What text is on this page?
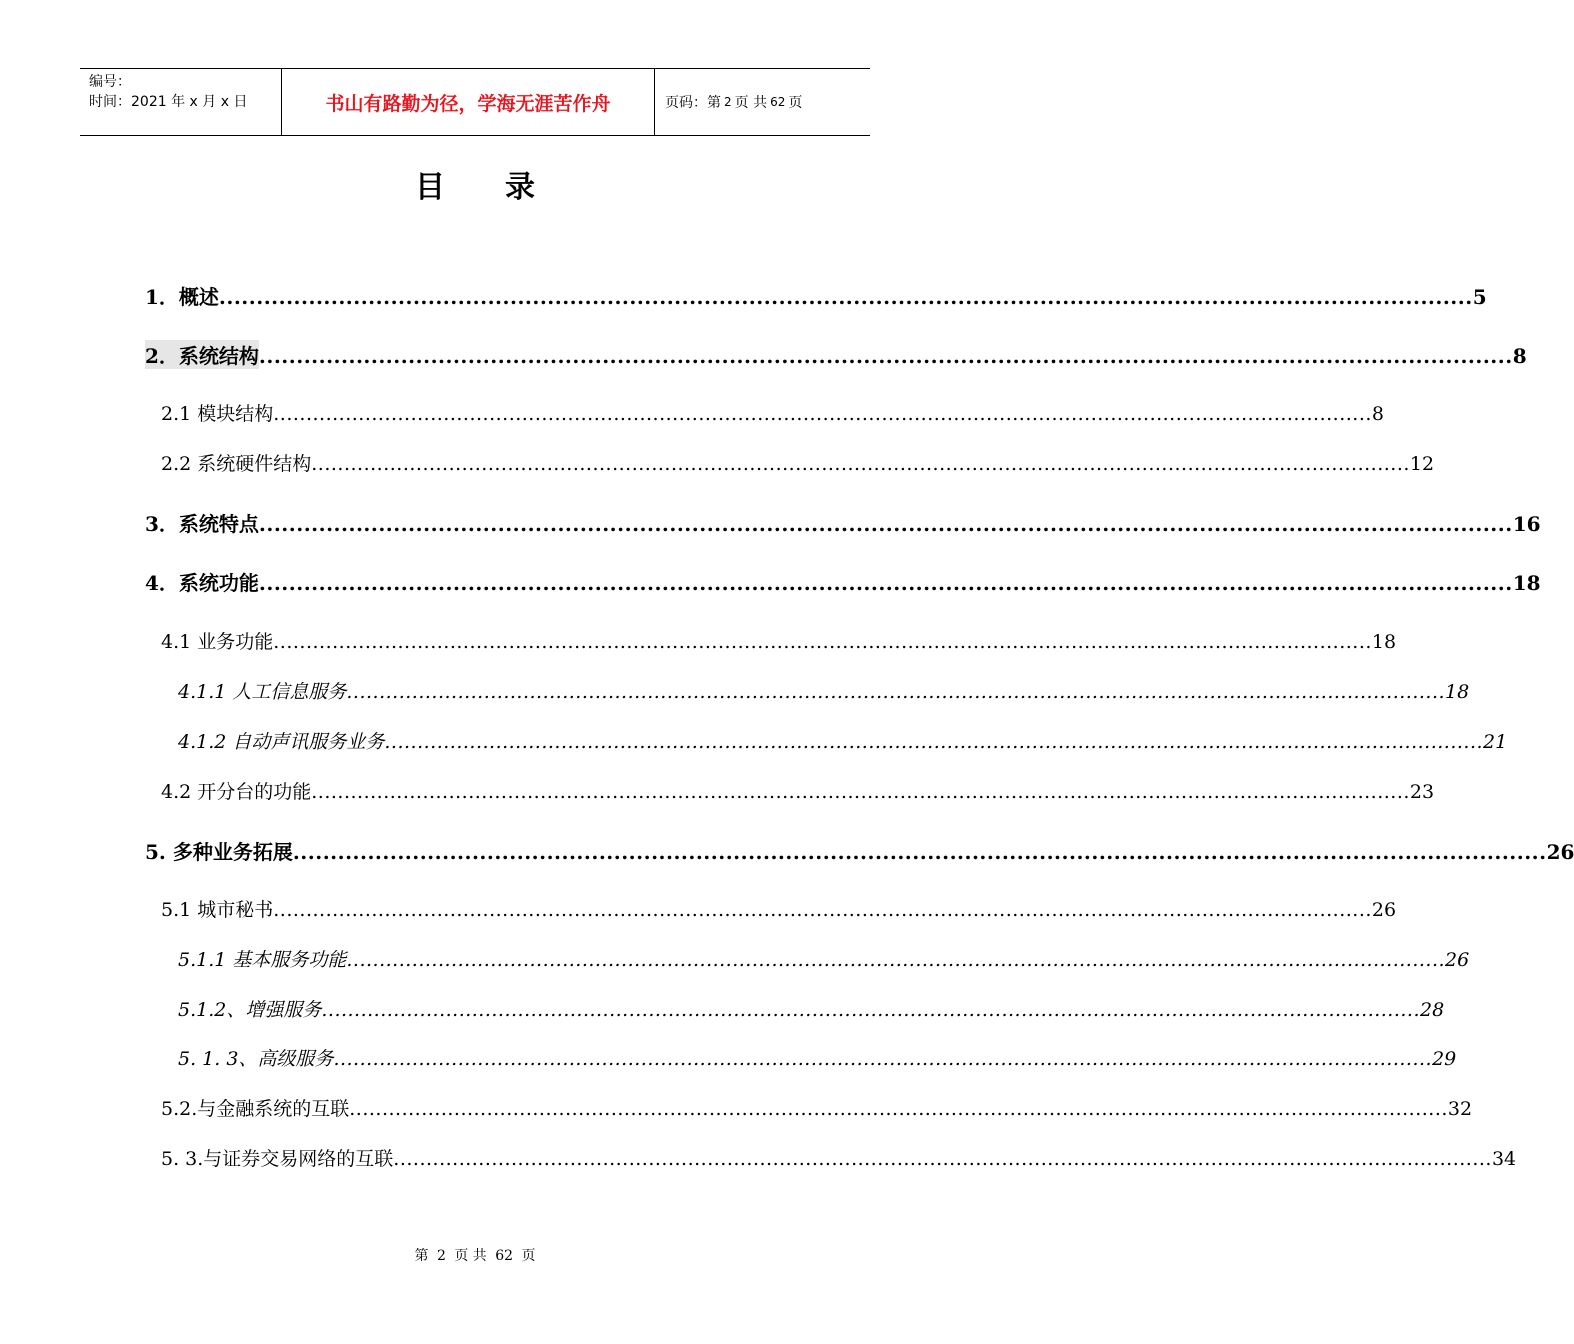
编号：
时间：2021 年 x 月 x 日	书山有路勤为径，学海无涯苦作舟	页码：第 2 页 共 62 页
目录
1．概述 ........................................................................................................................................................................ 5
2．系统结构 ........................................................................................................................................................................ 8
2.1 模块结构 ........................................................................................................................................................................ 8
2.2 系统硬件结构 ........................................................................................................................................................................ 12
3．系统特点 ........................................................................................................................................................................ 16
4．系统功能 ........................................................................................................................................................................ 18
4.1 业务功能 ........................................................................................................................................................................ 18
4.1.1 人工信息服务 ........................................................................................................................................................................ 18
4.1.2 自动声讯服务业务 ........................................................................................................................................................................ 21
4.2 开分台的功能 ........................................................................................................................................................................ 23
5. 多种业务拓展 ........................................................................................................................................................................ 26
5.1 城市秘书 ........................................................................................................................................................................ 26
5.1.1 基本服务功能 ........................................................................................................................................................................ 26
5.1.2、增强服务 ........................................................................................................................................................................ 28
5. 1. 3、高级服务 ........................................................................................................................................................................ 29
5.2.与金融系统的互联 ........................................................................................................................................................................ 32
5. 3.与证券交易网络的互联 ........................................................................................................................................................................ 34
第 2 页 共 62 页
